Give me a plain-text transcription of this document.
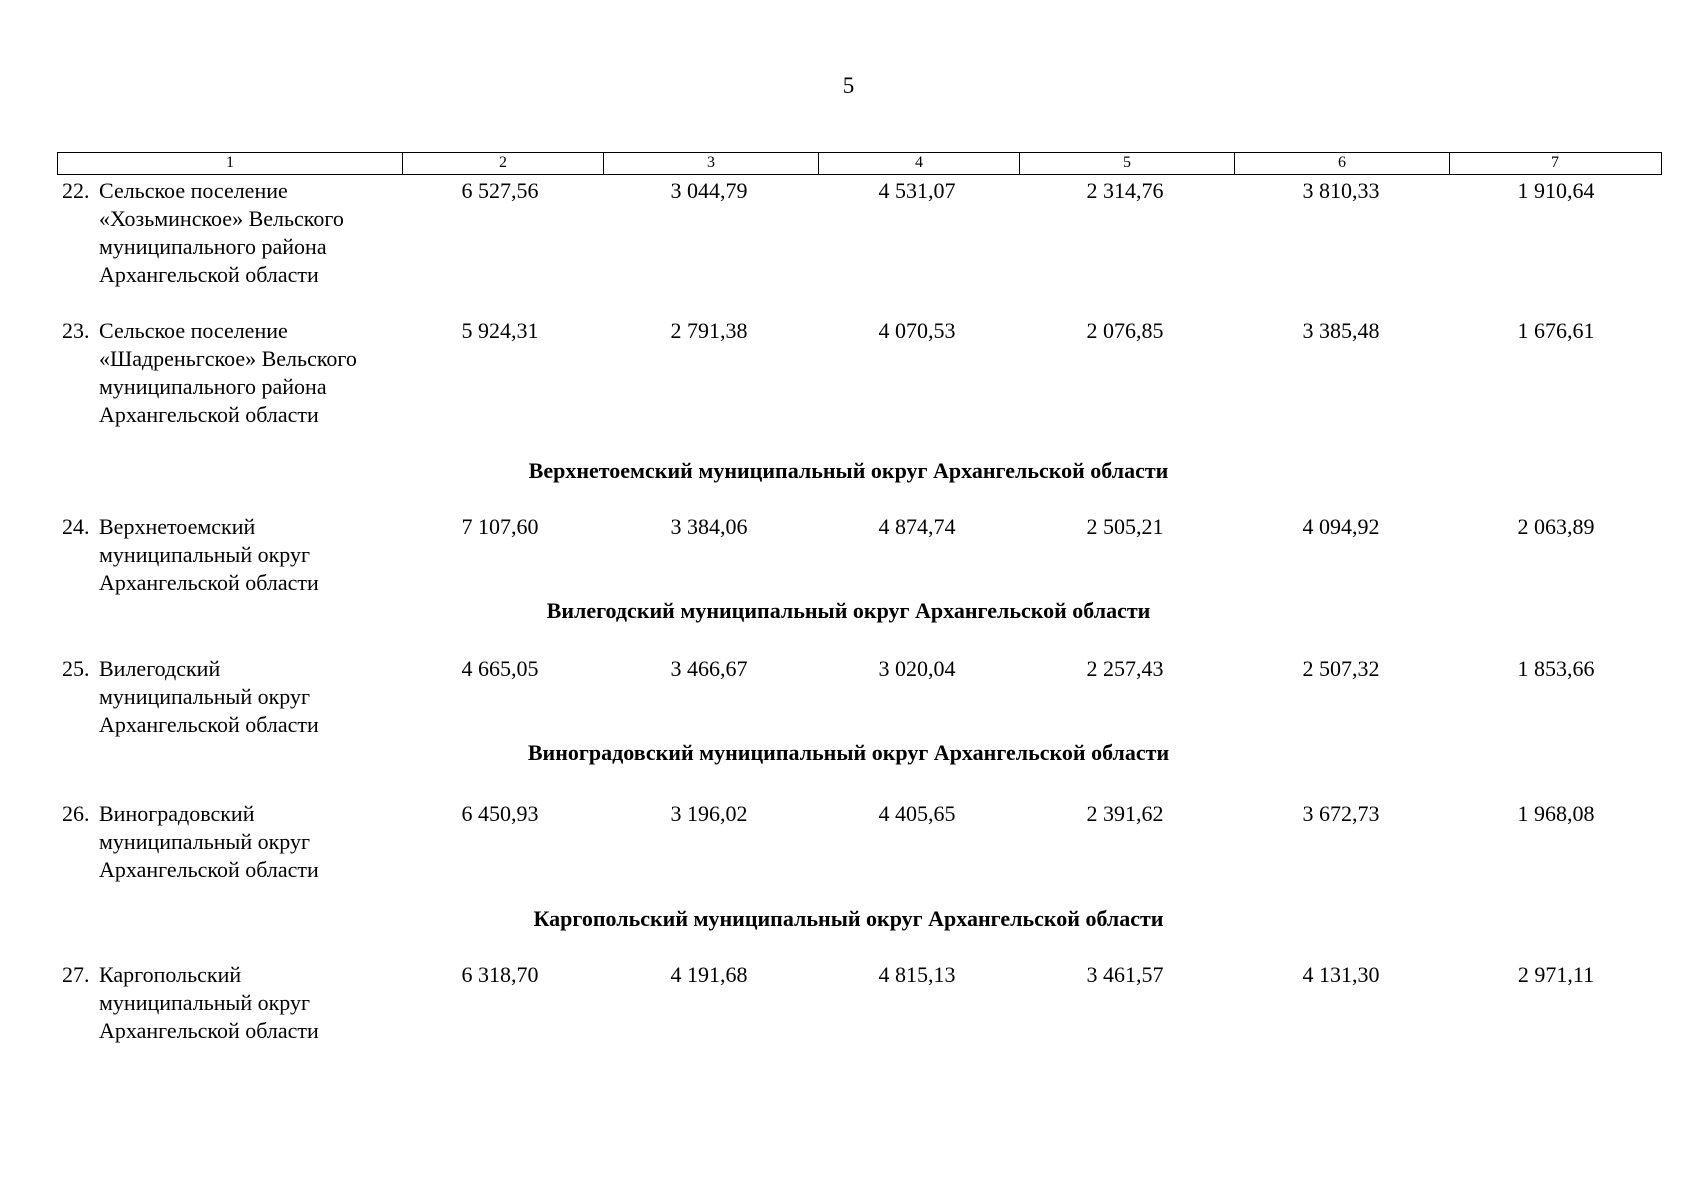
5
1	2	3	4	5	6	7
22. Сельское поселение
«Хозьминское» Вельского
муниципального района
Архангельской области
6 527,56	3 044,79	4 531,07	2 314,76	3 810,33	1 910,64
23. Сельское поселение
«Шадреньгское» Вельского
муниципального района
Архангельской области
5 924,31	2 791,38	4 070,53	2 076,85	3 385,48	1 676,61
Верхнетоемский муниципальный округ Архангельской области
24. Верхнетоемский
муниципальный округ
Архангельской области
7 107,60	3 384,06	4 874,74	2 505,21	4 094,92	2 063,89
Вилегодский муниципальный округ Архангельской области
25. Вилегодский
муниципальный округ
Архангельской области
4 665,05	3 466,67	3 020,04	2 257,43	2 507,32	1 853,66
Виноградовский муниципальный округ Архангельской области
26. Виноградовский
муниципальный округ
Архангельской области
6 450,93	3 196,02	4 405,65	2 391,62	3 672,73	1 968,08
Каргопольский муниципальный округ Архангельской области
27. Каргопольский
муниципальный округ
Архангельской области
6 318,70	4 191,68	4 815,13	3 461,57	4 131,30	2 971,11
